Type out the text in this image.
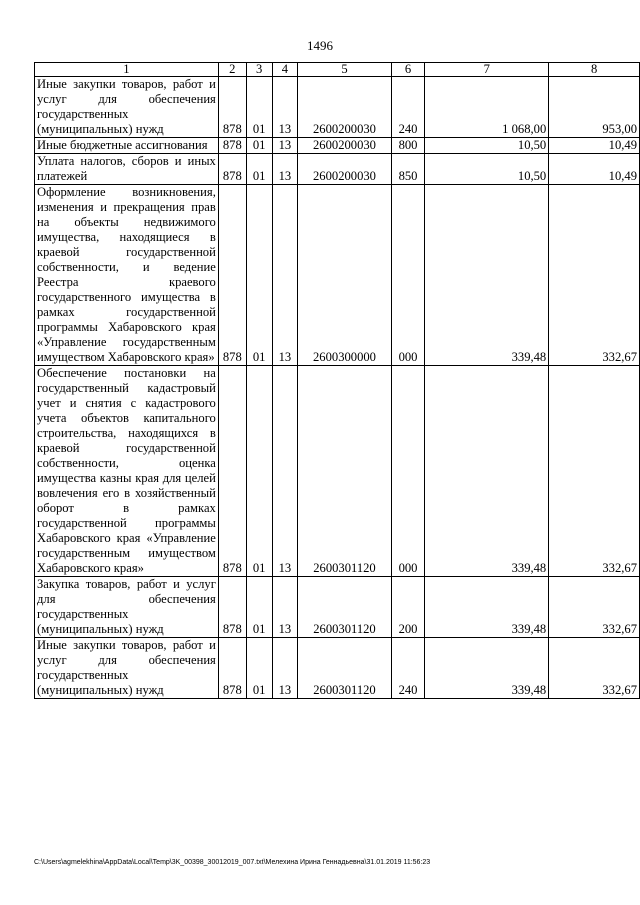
1496
1	2	3	4	5	6	7	8
Иные закупки товаров, работ и услуг для обеспечения государственных (муниципальных) нужд	878	01	13	2600200030	240	1 068,00	953,00
Иные бюджетные ассигнования	878	01	13	2600200030	800	10,50	10,49
Уплата налогов, сборов и иных платежей	878	01	13	2600200030	850	10,50	10,49
Оформление возникновения, изменения и прекращения прав на объекты недвижимого имущества, находящиеся в краевой государственной собственности, и ведение Реестра краевого государственного имущества в рамках государственной программы Хабаровского края «Управление государственным имуществом Хабаровского края»	878	01	13	2600300000	000	339,48	332,67
Обеспечение постановки на государственный кадастровый учет и снятия с кадастрового учета объектов капитального строительства, находящихся в краевой государственной собственности, оценка имущества казны края для целей вовлечения его в хозяйственный оборот в рамках государственной программы Хабаровского края «Управление государственным имуществом Хабаровского края»	878	01	13	2600301120	000	339,48	332,67
Закупка товаров, работ и услуг для обеспечения государственных (муниципальных) нужд	878	01	13	2600301120	200	339,48	332,67
Иные закупки товаров, работ и услуг для обеспечения государственных (муниципальных) нужд	878	01	13	2600301120	240	339,48	332,67
C:\Users\agmelekhina\AppData\Local\Temp\3K_00398_30012019_007.txt\Мелехина Ирина Геннадьевна\31.01.2019 11:56:23
